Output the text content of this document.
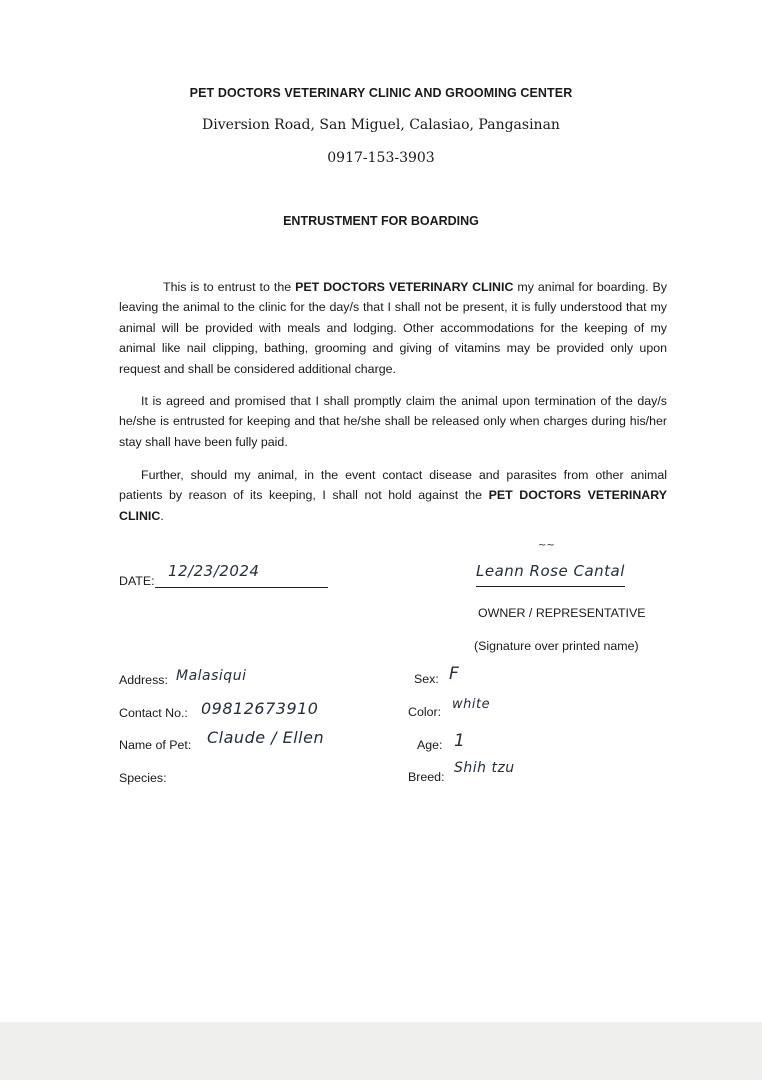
PET DOCTORS VETERINARY CLINIC AND GROOMING CENTER
Diversion Road, San Miguel, Calasiao, Pangasinan
0917-153-3903
ENTRUSTMENT FOR BOARDING

This is to entrust to the PET DOCTORS VETERINARY CLINIC my animal for boarding. By leaving the animal to the clinic for the day/s that I shall not be present, it is fully understood that my animal will be provided with meals and lodging. Other accommodations for the keeping of my animal like nail clipping, bathing, grooming and giving of vitamins may be provided only upon request and shall be considered additional charge.

It is agreed and promised that I shall promptly claim the animal upon termination of the day/s he/she is entrusted for keeping and that he/she shall be released only when charges during his/her stay shall have been fully paid.

Further, should my animal, in the event contact disease and parasites from other animal patients by reason of its keeping, I shall not hold against the PET DOCTORS VETERINARY CLINIC.

DATE:
12/23/2024
~~
Leann Rose Cantal
OWNER / REPRESENTATIVE
(Signature over printed name)
Address: Malasiqui
Contact No.: 09812673910
Name of Pet: Claude / Ellen
Species:
Sex: F
Color: white
Age: 1
Breed:
Shih tzu
